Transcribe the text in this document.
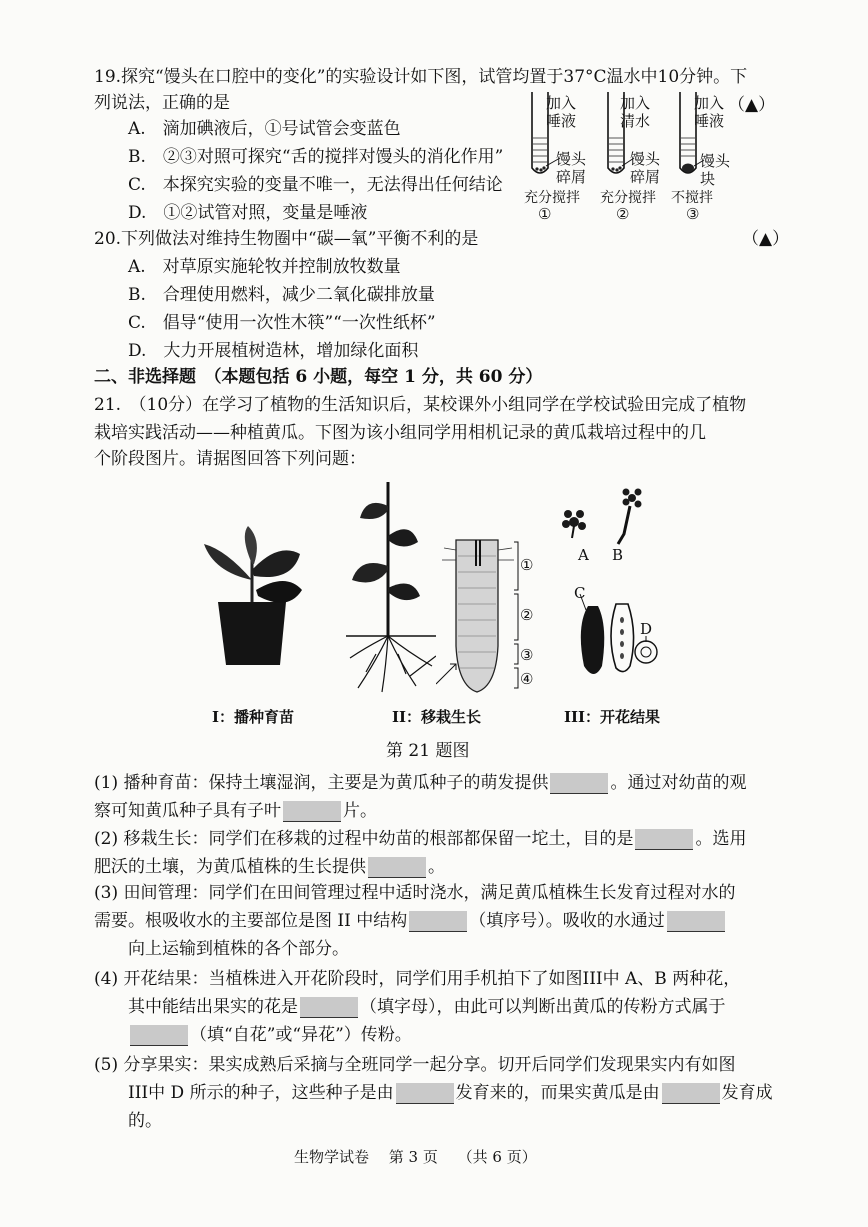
19.探究“馒头在口腔中的变化”的实验设计如下图，试管均置于37°C温水中10分钟。下
列说法，正确的是	（▲）
A.　滴加碘液后，①号试管会变蓝色
B.　②③对照可探究“舌的搅拌对馒头的消化作用”
C.　本探究实验的变量不唯一，无法得出任何结论
D.　①②试管对照，变量是唾液
加入
唾液
加入
清水
加入
唾液
馒头
碎屑
馒头
碎屑
馒头
块
充分搅拌 充分搅拌 不搅拌
①	②	③
20.下列做法对维持生物圈中“碳—氧”平衡不利的是	（▲）
A.　对草原实施轮牧并控制放牧数量
B.　合理使用燃料，减少二氧化碳排放量
C.　倡导“使用一次性木筷”“一次性纸杯”
D.　大力开展植树造林，增加绿化面积
二、非选择题　（本题包括 6 小题，每空 1 分，共 60 分）
21.　（10分）在学习了植物的生活知识后，某校课外小组同学在学校试验田完成了植物
栽培实践活动——种植黄瓜。下图为该小组同学用相机记录的黄瓜栽培过程中的几
个阶段图片。请据图回答下列问题：
①
②
③
④
A B
C
D
I：播种育苗	II：移栽生长	III：开花结果
第 21 题图
(1) 播种育苗：保持土壤湿润，主要是为黄瓜种子的萌发提供	。通过对幼苗的观
察可知黄瓜种子具有子叶	片。
(2) 移栽生长：同学们在移栽的过程中幼苗的根部都保留一坨土，目的是	。选用
肥沃的土壤，为黄瓜植株的生长提供	。
(3) 田间管理：同学们在田间管理过程中适时浇水，满足黄瓜植株生长发育过程对水的
需要。根吸收水的主要部位是图 II 中结构	（填序号）。吸收的水通过
向上运输到植株的各个部分。
(4) 开花结果：当植株进入开花阶段时，同学们用手机拍下了如图III中 A、B 两种花，
其中能结出果实的花是	（填字母），由此可以判断出黄瓜的传粉方式属于
（填“自花”或“异花”）传粉。
(5) 分享果实：果实成熟后采摘与全班同学一起分享。切开后同学们发现果实内有如图
III中 D 所示的种子，这些种子是由	发育来的，而果实黄瓜是由	发育成
的。
生物学试卷　 第 3 页　 （共 6 页）
